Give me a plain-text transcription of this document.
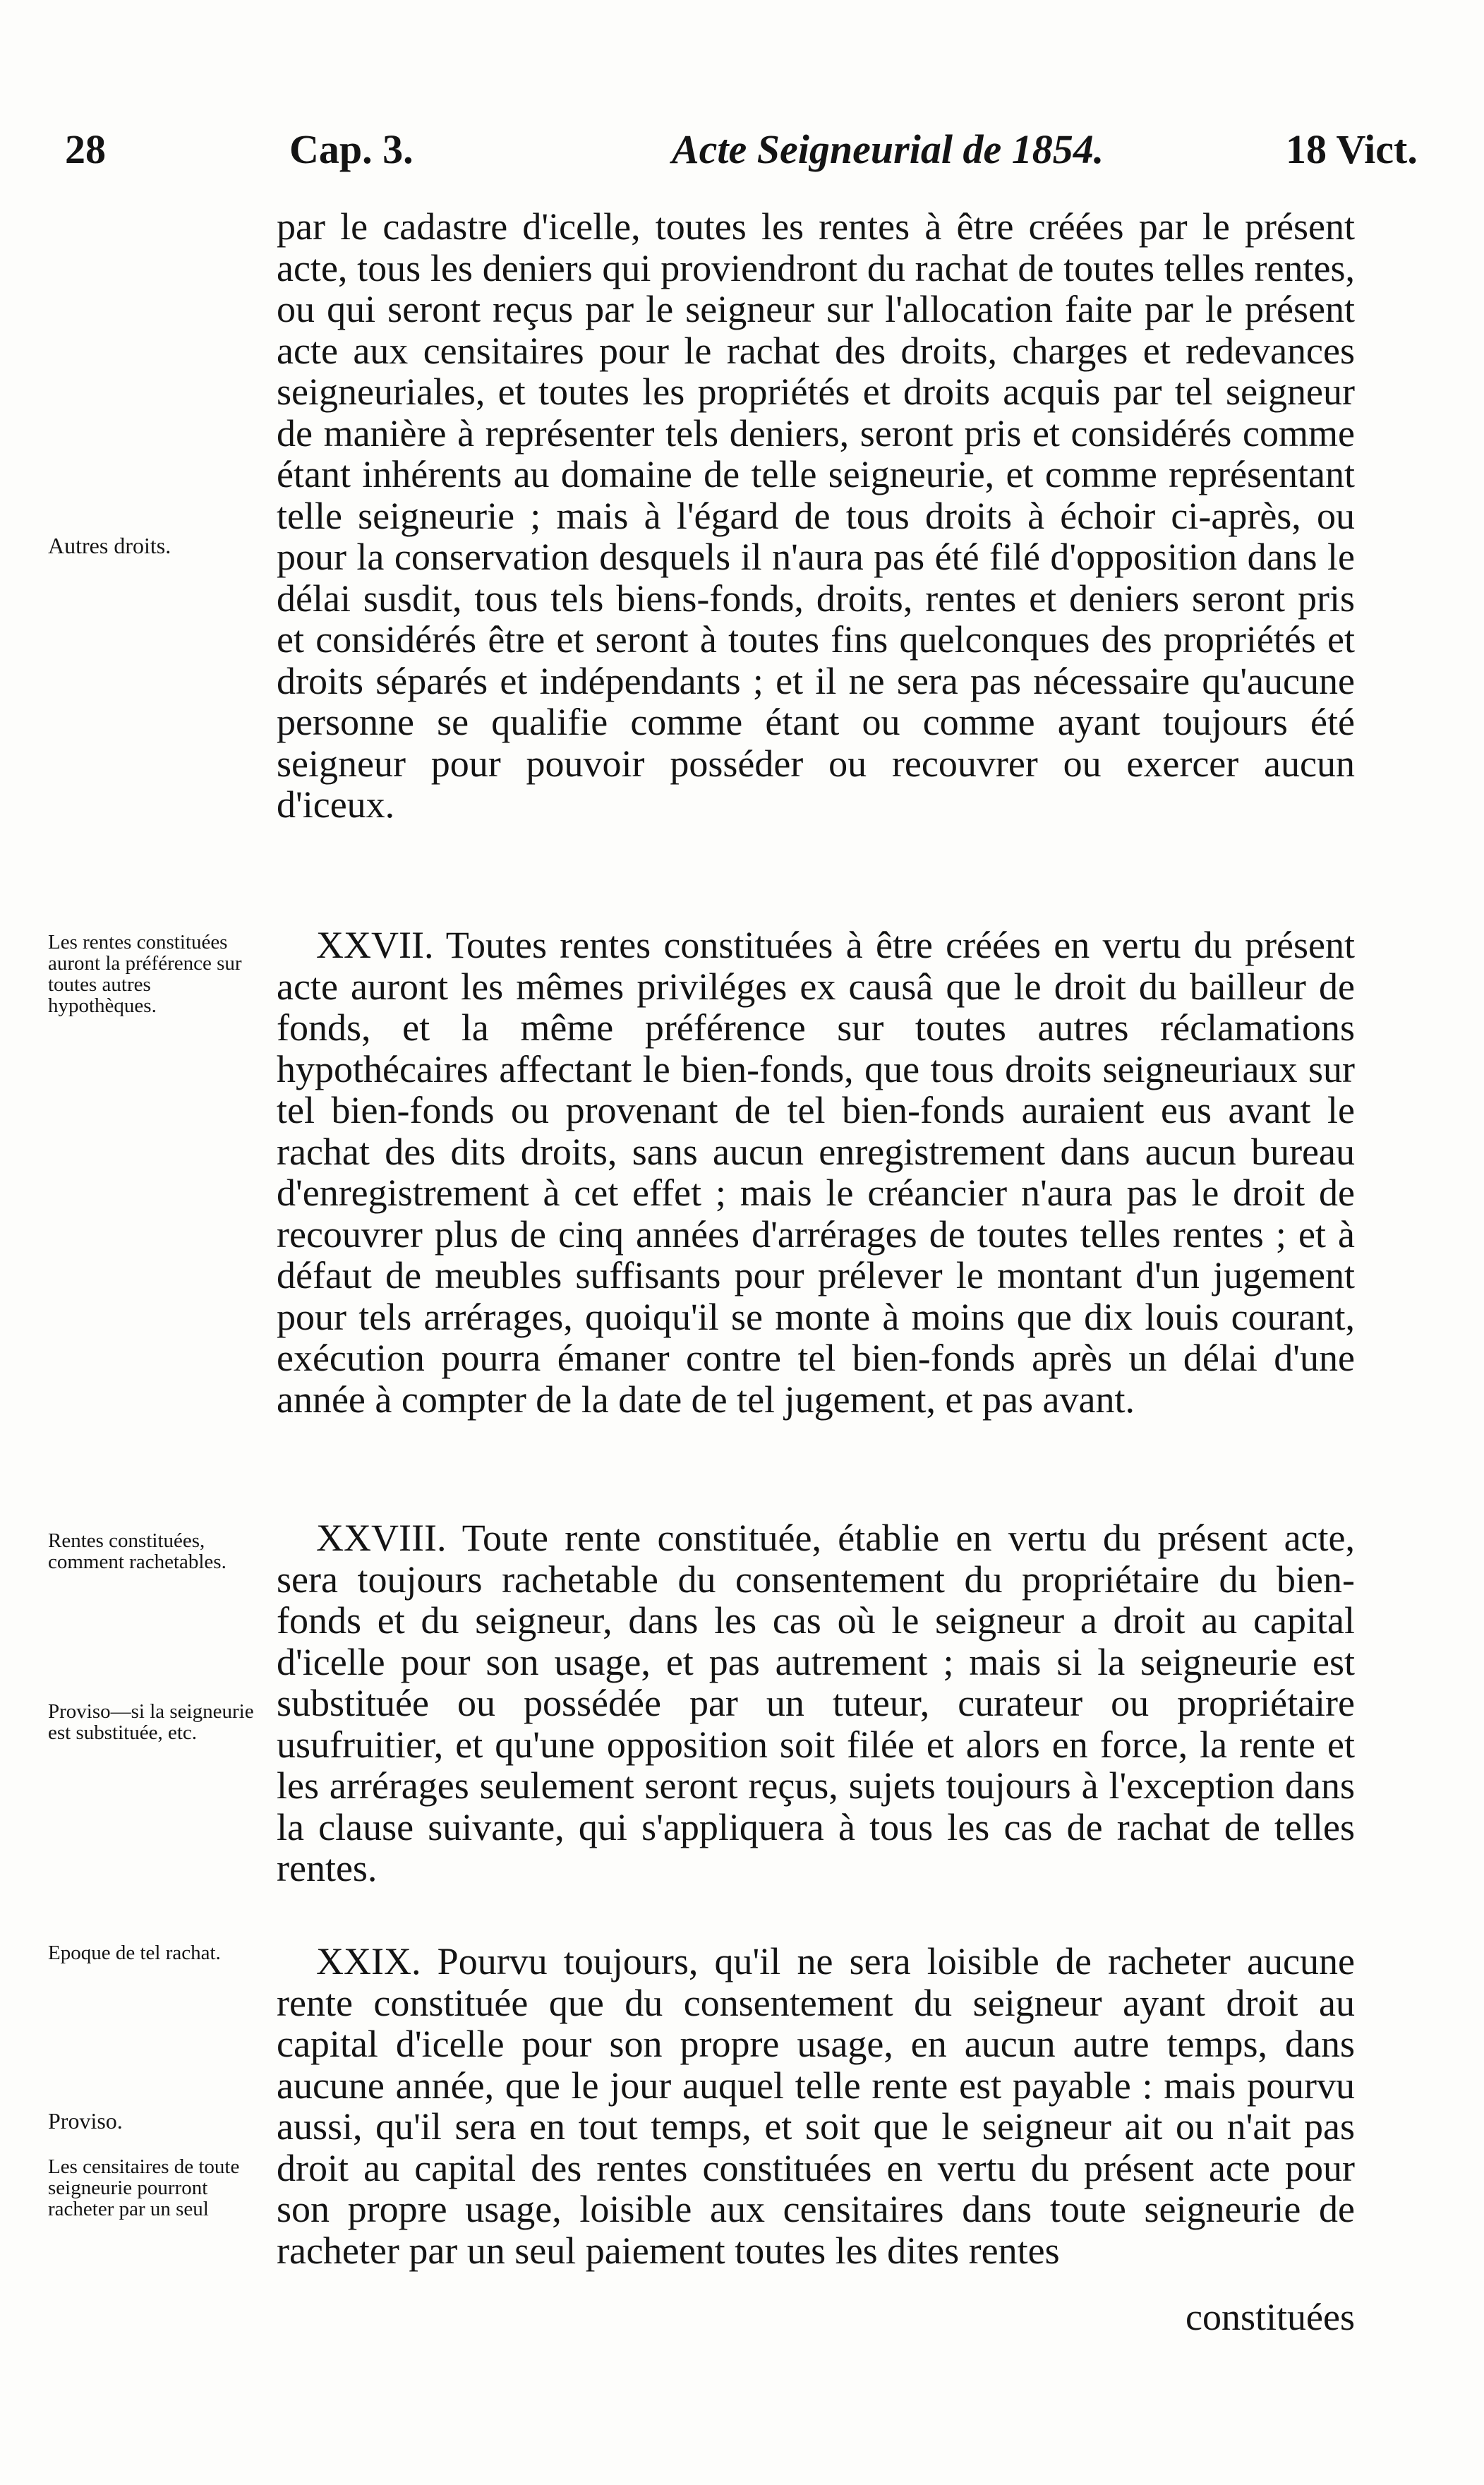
28	Cap. 3.	Acte Seigneurial de 1854.	18 Vict.

par le cadastre d'icelle, toutes les rentes à être créées par le présent acte, tous les deniers qui proviendront du rachat de toutes telles rentes, ou qui seront reçus par le seigneur sur l'allocation faite par le présent acte aux censitaires pour le rachat des droits, charges et redevances seigneuriales, et toutes les propriétés et droits acquis par tel seigneur de manière à représenter tels deniers, seront pris et considérés comme étant inhérents au domaine de telle seigneurie, et comme représentant telle seigneurie ; mais à l'égard de tous droits à échoir ci-après, ou pour la conservation desquels il n'aura pas été filé d'opposition dans le délai susdit, tous tels biens-fonds, droits, rentes et deniers seront pris et considérés être et seront à toutes fins quelconques des propriétés et droits séparés et indépendants ; et il ne sera pas nécessaire qu'aucune personne se qualifie comme étant ou comme ayant toujours été seigneur pour pouvoir posséder ou recouvrer ou exercer aucun d'iceux.

XXVII. Toutes rentes constituées à être créées en vertu du présent acte auront les mêmes priviléges ex causâ que le droit du bailleur de fonds, et la même préférence sur toutes autres réclamations hypothécaires affectant le bien-fonds, que tous droits seigneuriaux sur tel bien-fonds ou provenant de tel bien-fonds auraient eus avant le rachat des dits droits, sans aucun enregistrement dans aucun bureau d'enregistrement à cet effet ; mais le créancier n'aura pas le droit de recouvrer plus de cinq années d'arrérages de toutes telles rentes ; et à défaut de meubles suffisants pour prélever le montant d'un jugement pour tels arrérages, quoiqu'il se monte à moins que dix louis courant, exécution pourra émaner contre tel bien-fonds après un délai d'une année à compter de la date de tel jugement, et pas avant.

XXVIII. Toute rente constituée, établie en vertu du présent acte, sera toujours rachetable du consentement du propriétaire du bien-fonds et du seigneur, dans les cas où le seigneur a droit au capital d'icelle pour son usage, et pas autrement ; mais si la seigneurie est substituée ou possédée par un tuteur, curateur ou propriétaire usufruitier, et qu'une opposition soit filée et alors en force, la rente et les arrérages seulement seront reçus, sujets toujours à l'exception dans la clause suivante, qui s'appliquera à tous les cas de rachat de telles rentes.

XXIX. Pourvu toujours, qu'il ne sera loisible de racheter aucune rente constituée que du consentement du seigneur ayant droit au capital d'icelle pour son propre usage, en aucun autre temps, dans aucune année, que le jour auquel telle rente est payable : mais pourvu aussi, qu'il sera en tout temps, et soit que le seigneur ait ou n'ait pas droit au capital des rentes constituées en vertu du présent acte pour son propre usage, loisible aux censitaires dans toute seigneurie de racheter par un seul paiement toutes les dites rentes

constituées
Autres droits.
Les rentes constituées auront la préférence sur toutes autres hypothèques.
Rentes constituées, comment rachetables.
Proviso—si la seigneurie est substituée, etc.
Epoque de tel rachat.
Proviso.
Les censitaires de toute seigneurie pourront racheter par un seul
